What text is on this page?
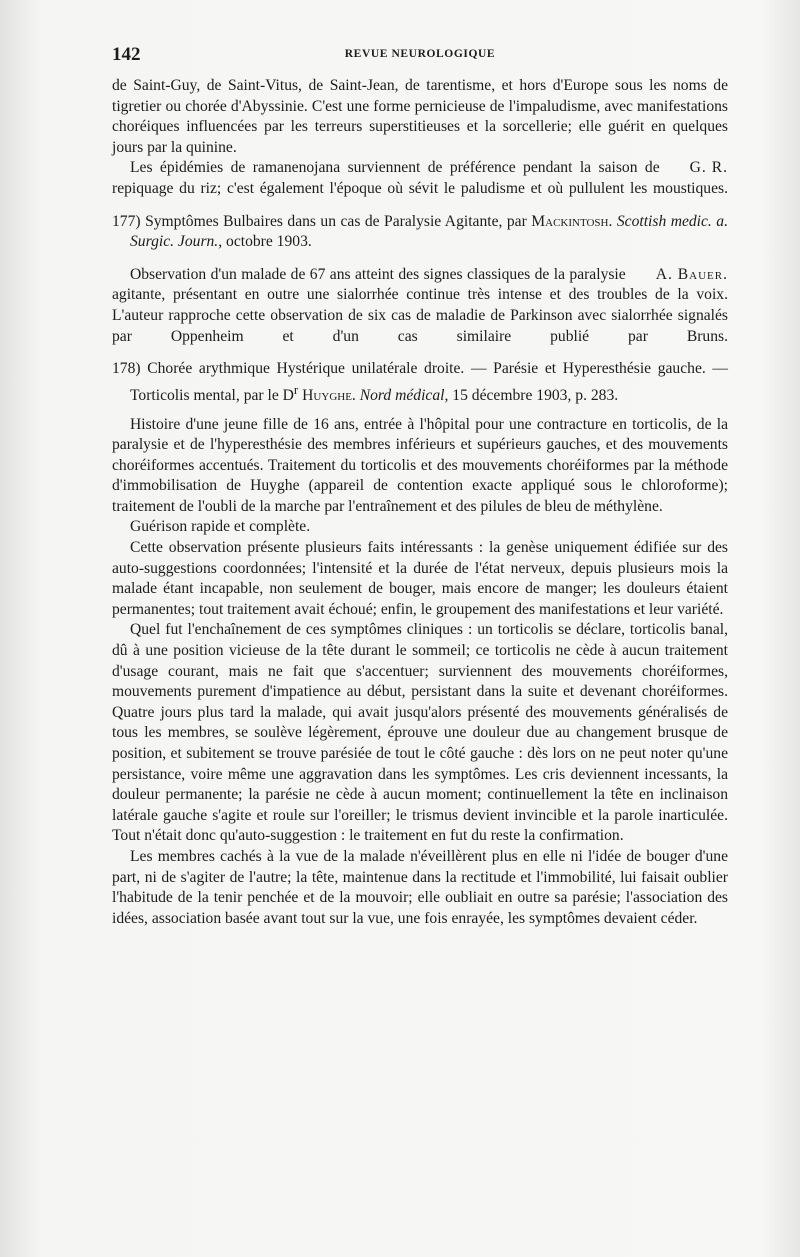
142	REVUE NEUROLOGIQUE

de Saint-Guy, de Saint-Vitus, de Saint-Jean, de tarentisme, et hors d'Europe sous les noms de tigretier ou chorée d'Abyssinie. C'est une forme pernicieuse de l'impaludisme, avec manifestations choréiques influencées par les terreurs superstitieuses et la sorcellerie; elle guérit en quelques jours par la quinine.

G. R.
Les épidémies de ramanenojana surviennent de préférence pendant la saison de repiquage du riz; c'est également l'époque où sévit le paludisme et où pullulent les moustiques.

177) Symptômes Bulbaires dans un cas de Paralysie Agitante, par Mackintosh. Scottish medic. a. Surgic. Journ., octobre 1903.

A. Bauer.
Observation d'un malade de 67 ans atteint des signes classiques de la paralysie agitante, présentant en outre une sialorrhée continue très intense et des troubles de la voix. L'auteur rapproche cette observation de six cas de maladie de Parkinson avec sialorrhée signalés par Oppenheim et d'un cas similaire publié par Bruns.

178) Chorée arythmique Hystérique unilatérale droite. — Parésie et Hyperesthésie gauche. — Torticolis mental, par le $D^r$ Huyghe. Nord médical, 15 décembre 1903, p. 283.

Histoire d'une jeune fille de 16 ans, entrée à l'hôpital pour une contracture en torticolis, de la paralysie et de l'hyperesthésie des membres inférieurs et supérieurs gauches, et des mouvements choréiformes accentués. Traitement du torticolis et des mouvements choréiformes par la méthode d'immobilisation de Huyghe (appareil de contention exacte appliqué sous le chloroforme); traitement de l'oubli de la marche par l'entraînement et des pilules de bleu de méthylène.

Guérison rapide et complète.

Cette observation présente plusieurs faits intéressants : la genèse uniquement édifiée sur des auto-suggestions coordonnées; l'intensité et la durée de l'état nerveux, depuis plusieurs mois la malade étant incapable, non seulement de bouger, mais encore de manger; les douleurs étaient permanentes; tout traitement avait échoué; enfin, le groupement des manifestations et leur variété.

Quel fut l'enchaînement de ces symptômes cliniques : un torticolis se déclare, torticolis banal, dû à une position vicieuse de la tête durant le sommeil; ce torticolis ne cède à aucun traitement d'usage courant, mais ne fait que s'accentuer; surviennent des mouvements choréiformes, mouvements purement d'impatience au début, persistant dans la suite et devenant choréiformes. Quatre jours plus tard la malade, qui avait jusqu'alors présenté des mouvements généralisés de tous les membres, se soulève légèrement, éprouve une douleur due au changement brusque de position, et subitement se trouve parésiée de tout le côté gauche : dès lors on ne peut noter qu'une persistance, voire même une aggravation dans les symptômes. Les cris deviennent incessants, la douleur permanente; la parésie ne cède à aucun moment; continuellement la tête en inclinaison latérale gauche s'agite et roule sur l'oreiller; le trismus devient invincible et la parole inarticulée. Tout n'était donc qu'auto-suggestion : le traitement en fut du reste la confirmation.

Les membres cachés à la vue de la malade n'éveillèrent plus en elle ni l'idée de bouger d'une part, ni de s'agiter de l'autre; la tête, maintenue dans la rectitude et l'immobilité, lui faisait oublier l'habitude de la tenir penchée et de la mouvoir; elle oubliait en outre sa parésie; l'association des idées, association basée avant tout sur la vue, une fois enrayée, les symptômes devaient céder.
